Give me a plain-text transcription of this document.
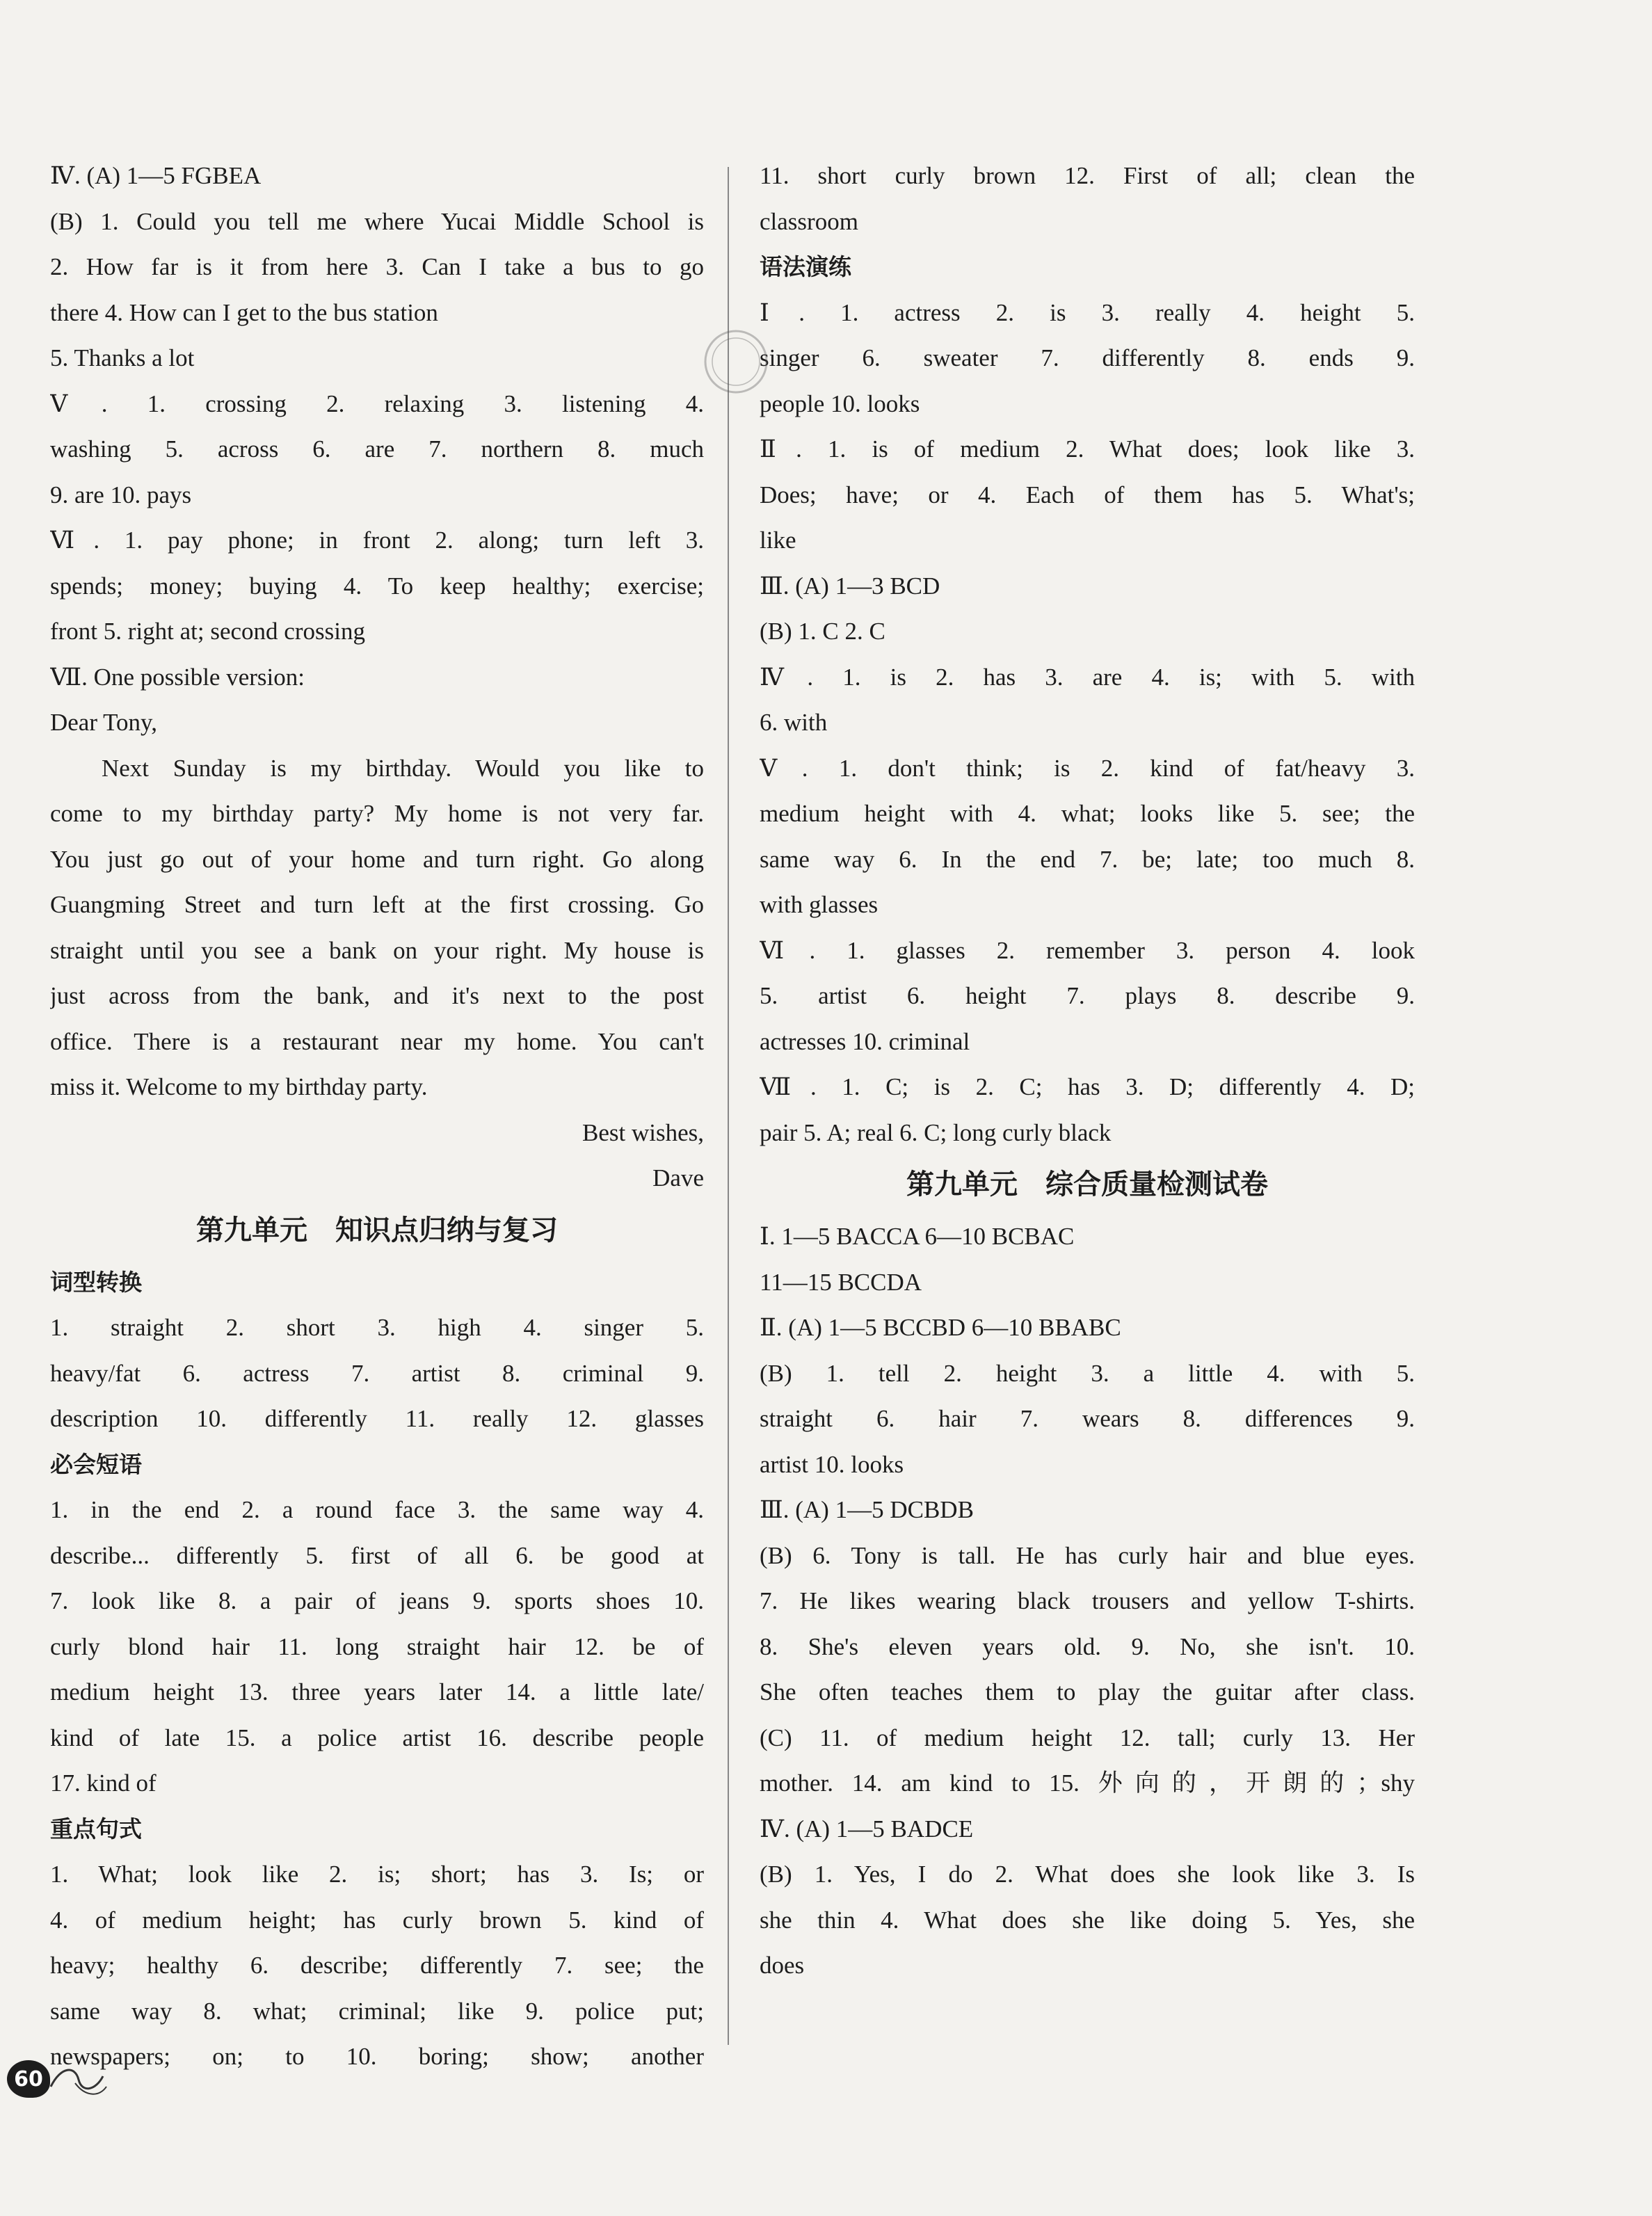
Ⅳ. (A) 1—5 FGBEA
(B) 1. Could you tell me where Yucai Middle School is
2. How far is it from here 3. Can I take a bus to go
there 4. How can I get to the bus station
5. Thanks a lot
Ⅴ. 1. crossing 2. relaxing 3. listening 4.
washing 5. across 6. are 7. northern 8. much
9. are 10. pays
Ⅵ. 1. pay phone; in front 2. along; turn left 3.
spends; money; buying 4. To keep healthy; exercise;
front 5. right at; second crossing
Ⅶ. One possible version:
Dear Tony,
Next Sunday is my birthday. Would you like to
come to my birthday party? My home is not very far.
You just go out of your home and turn right. Go along
Guangming Street and turn left at the first crossing. Go
straight until you see a bank on your right. My house is
just across from the bank, and it's next to the post
office. There is a restaurant near my home. You can't
miss it. Welcome to my birthday party.
Best wishes,
Dave
第九单元　知识点归纳与复习
词型转换
1. straight 2. short 3. high 4. singer 5.
heavy/fat 6. actress 7. artist 8. criminal 9.
description 10. differently 11. really 12. glasses
必会短语
1. in the end 2. a round face 3. the same way 4.
describe... differently 5. first of all 6. be good at
7. look like 8. a pair of jeans 9. sports shoes 10.
curly blond hair 11. long straight hair 12. be of
medium height 13. three years later 14. a little late/
kind of late 15. a police artist 16. describe people
17. kind of
重点句式
1. What; look like 2. is; short; has 3. Is; or
4. of medium height; has curly brown 5. kind of
heavy; healthy 6. describe; differently 7. see; the
same way 8. what; criminal; like 9. police put;
newspapers; on; to 10. boring; show; another
11. short curly brown 12. First of all; clean the
classroom
语法演练
Ⅰ. 1. actress 2. is 3. really 4. height 5.
singer 6. sweater 7. differently 8. ends 9.
people 10. looks
Ⅱ. 1. is of medium 2. What does; look like 3.
Does; have; or 4. Each of them has 5. What's;
like
Ⅲ. (A) 1—3 BCD
(B) 1. C 2. C
Ⅳ. 1. is 2. has 3. are 4. is; with 5. with
6. with
Ⅴ. 1. don't think; is 2. kind of fat/heavy 3.
medium height with 4. what; looks like 5. see; the
same way 6. In the end 7. be; late; too much 8.
with glasses
Ⅵ. 1. glasses 2. remember 3. person 4. look
5. artist 6. height 7. plays 8. describe 9.
actresses 10. criminal
Ⅶ. 1. C; is 2. C; has 3. D; differently 4. D;
pair 5. A; real 6. C; long curly black
第九单元　综合质量检测试卷
Ⅰ. 1—5 BACCA 6—10 BCBAC
11—15 BCCDA
Ⅱ. (A) 1—5 BCCBD 6—10 BBABC
(B) 1. tell 2. height 3. a little 4. with 5.
straight 6. hair 7. wears 8. differences 9.
artist 10. looks
Ⅲ. (A) 1—5 DCBDB
(B) 6. Tony is tall. He has curly hair and blue eyes.
7. He likes wearing black trousers and yellow T-shirts.
8. She's eleven years old. 9. No, she isn't. 10.
She often teaches them to play the guitar after class.
(C) 11. of medium height 12. tall; curly 13. Her
mother. 14. am kind to 15. 外向的，开朗的；shy
Ⅳ. (A) 1—5 BADCE
(B) 1. Yes, I do 2. What does she look like 3. Is
she thin 4. What does she like doing 5. Yes, she
does
60
